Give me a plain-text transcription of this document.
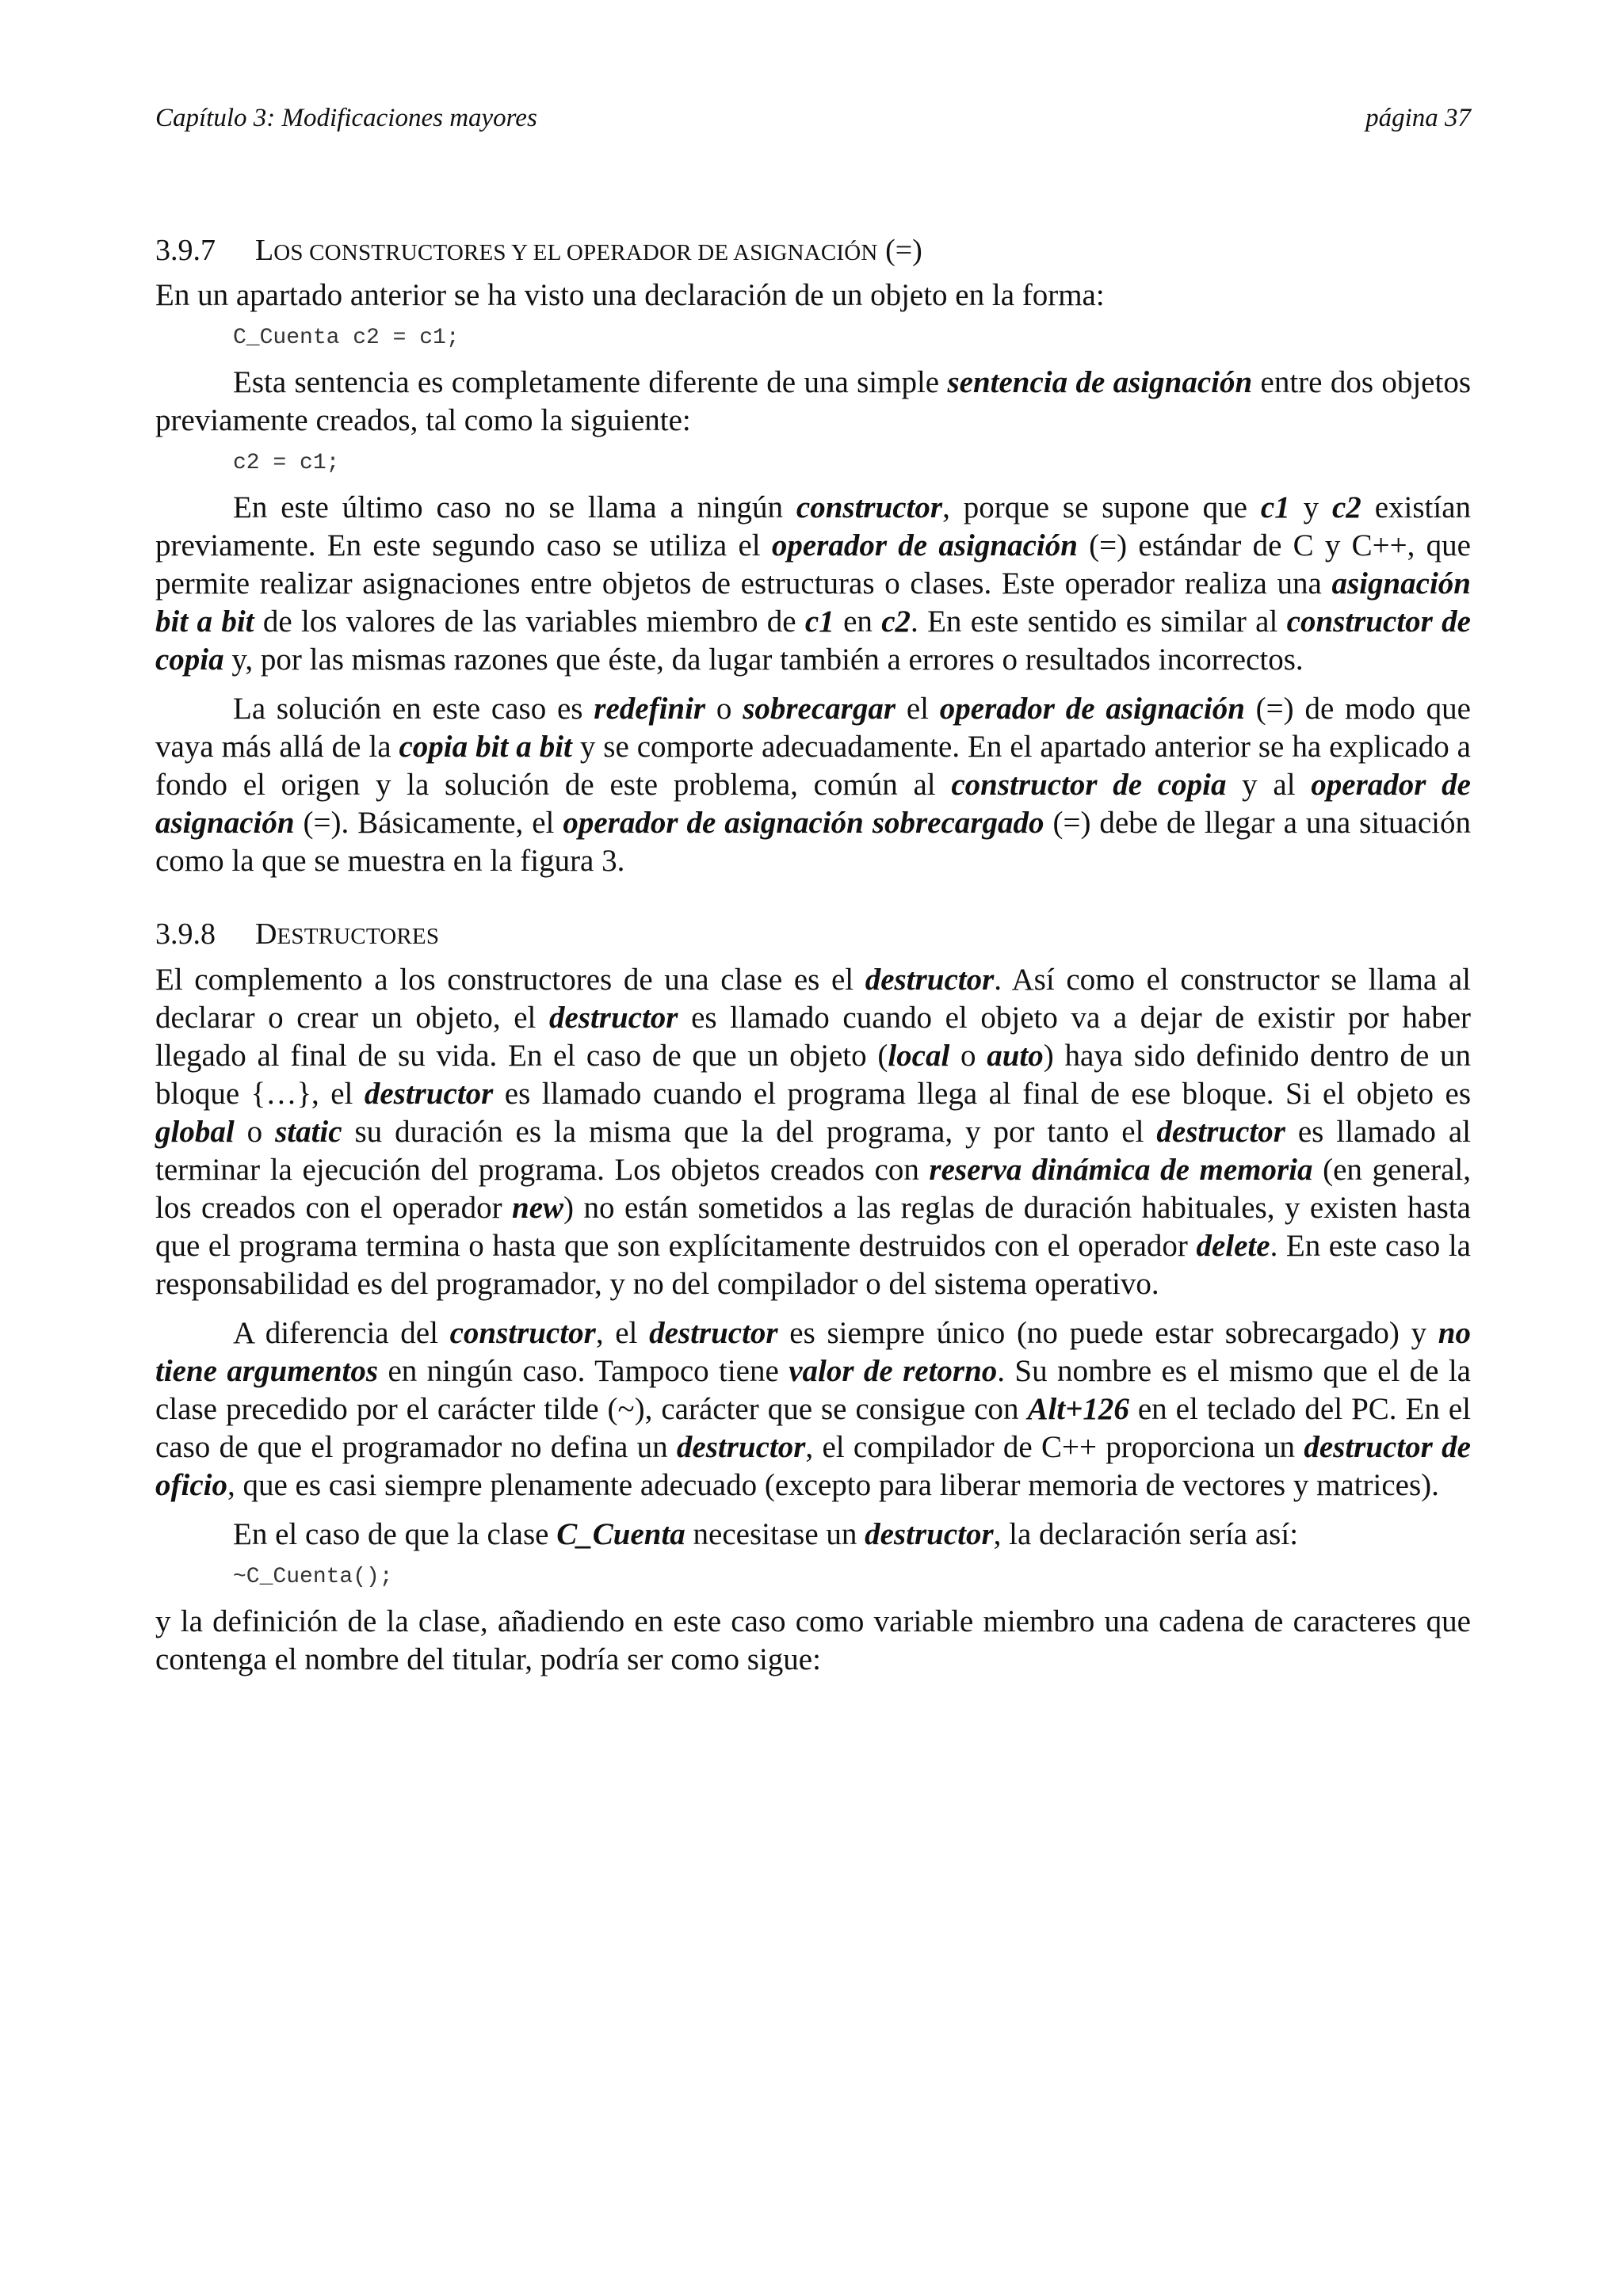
Capítulo 3: Modificaciones mayores	página 37
3.9.7	LOS CONSTRUCTORES Y EL OPERADOR DE ASIGNACIÓN (=)

En un apartado anterior se ha visto una declaración de un objeto en la forma:

C_Cuenta c2 = c1;

Esta sentencia es completamente diferente de una simple sentencia de asignación entre dos objetos previamente creados, tal como la siguiente:

c2 = c1;

En este último caso no se llama a ningún constructor, porque se supone que c1 y c2 existían previamente. En este segundo caso se utiliza el operador de asignación (=) estándar de C y C++, que permite realizar asignaciones entre objetos de estructuras o clases. Este operador realiza una asignación bit a bit de los valores de las variables miembro de c1 en c2. En este sentido es similar al constructor de copia y, por las mismas razones que éste, da lugar también a errores o resultados incorrectos.

La solución en este caso es redefinir o sobrecargar el operador de asignación (=) de modo que vaya más allá de la copia bit a bit y se comporte adecuadamente. En el apartado anterior se ha explicado a fondo el origen y la solución de este problema, común al constructor de copia y al operador de asignación (=). Básicamente, el operador de asignación sobrecargado (=) debe de llegar a una situación como la que se muestra en la figura 3.

3.9.8	DESTRUCTORES

El complemento a los constructores de una clase es el destructor. Así como el constructor se llama al declarar o crear un objeto, el destructor es llamado cuando el objeto va a dejar de existir por haber llegado al final de su vida. En el caso de que un objeto (local o auto) haya sido definido dentro de un bloque {…}, el destructor es llamado cuando el programa llega al final de ese bloque. Si el objeto es global o static su duración es la misma que la del programa, y por tanto el destructor es llamado al terminar la ejecución del programa. Los objetos creados con reserva dinámica de memoria (en general, los creados con el operador new) no están sometidos a las reglas de duración habituales, y existen hasta que el programa termina o hasta que son explícitamente destruidos con el operador delete. En este caso la responsabilidad es del programador, y no del compilador o del sistema operativo.

A diferencia del constructor, el destructor es siempre único (no puede estar sobrecargado) y no tiene argumentos en ningún caso. Tampoco tiene valor de retorno. Su nombre es el mismo que el de la clase precedido por el carácter tilde (~), carácter que se consigue con Alt+126 en el teclado del PC. En el caso de que el programador no defina un destructor, el compilador de C++ proporciona un destructor de oficio, que es casi siempre plenamente adecuado (excepto para liberar memoria de vectores y matrices).

En el caso de que la clase C_Cuenta necesitase un destructor, la declaración sería así:

~C_Cuenta();

y la definición de la clase, añadiendo en este caso como variable miembro una cadena de caracteres que contenga el nombre del titular, podría ser como sigue:
